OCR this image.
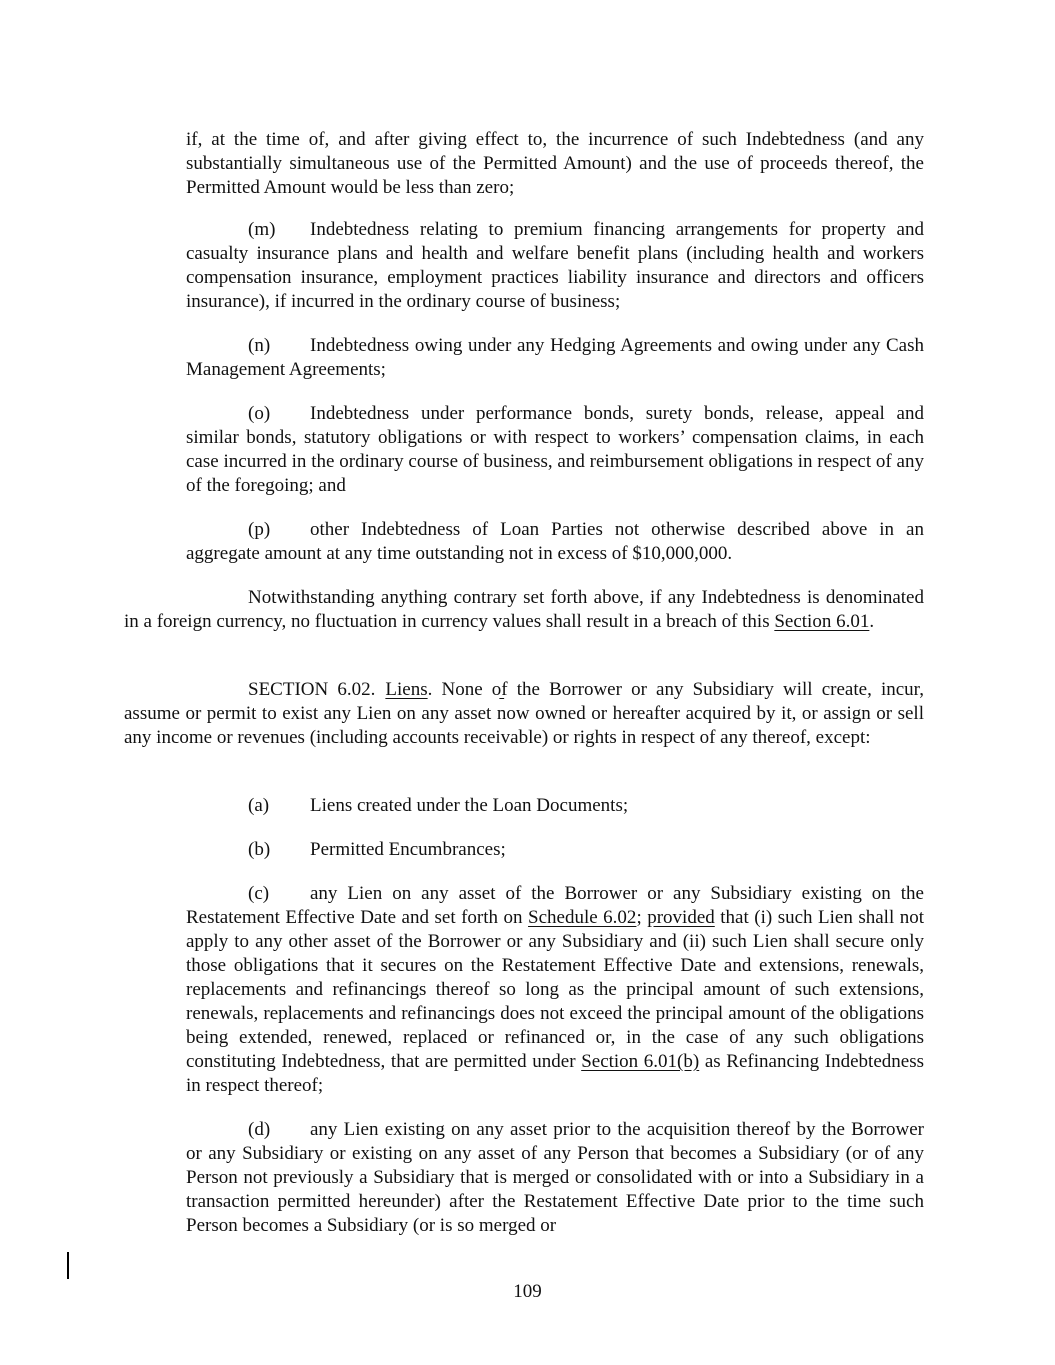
if, at the time of, and after giving effect to, the incurrence of such Indebtedness (and any substantially simultaneous use of the Permitted Amount) and the use of proceeds thereof, the Permitted Amount would be less than zero;

(m) Indebtedness relating to premium financing arrangements for property and casualty insurance plans and health and welfare benefit plans (including health and workers compensation insurance, employment practices liability insurance and directors and officers insurance), if incurred in the ordinary course of business;

(n) Indebtedness owing under any Hedging Agreements and owing under any Cash Management Agreements;

(o) Indebtedness under performance bonds, surety bonds, release, appeal and similar bonds, statutory obligations or with respect to workers’ compensation claims, in each case incurred in the ordinary course of business, and reimbursement obligations in respect of any of the foregoing; and

(p) other Indebtedness of Loan Parties not otherwise described above in an aggregate amount at any time outstanding not in excess of $10,000,000.

Notwithstanding anything contrary set forth above, if any Indebtedness is denominated in a foreign currency, no fluctuation in currency values shall result in a breach of this Section 6.01.

SECTION 6.02. Liens. None of the Borrower or any Subsidiary will create, incur, assume or permit to exist any Lien on any asset now owned or hereafter acquired by it, or assign or sell any income or revenues (including accounts receivable) or rights in respect of any thereof, except:

(a) Liens created under the Loan Documents;

(b) Permitted Encumbrances;

(c) any Lien on any asset of the Borrower or any Subsidiary existing on the Restatement Effective Date and set forth on Schedule 6.02; provided that (i) such Lien shall not apply to any other asset of the Borrower or any Subsidiary and (ii) such Lien shall secure only those obligations that it secures on the Restatement Effective Date and extensions, renewals, replacements and refinancings thereof so long as the principal amount of such extensions, renewals, replacements and refinancings does not exceed the principal amount of the obligations being extended, renewed, replaced or refinanced or, in the case of any such obligations constituting Indebtedness, that are permitted under Section 6.01(b) as Refinancing Indebtedness in respect thereof;

(d) any Lien existing on any asset prior to the acquisition thereof by the Borrower or any Subsidiary or existing on any asset of any Person that becomes a Subsidiary (or of any Person not previously a Subsidiary that is merged or consolidated with or into a Subsidiary in a transaction permitted hereunder) after the Restatement Effective Date prior to the time such Person becomes a Subsidiary (or is so merged or

109
